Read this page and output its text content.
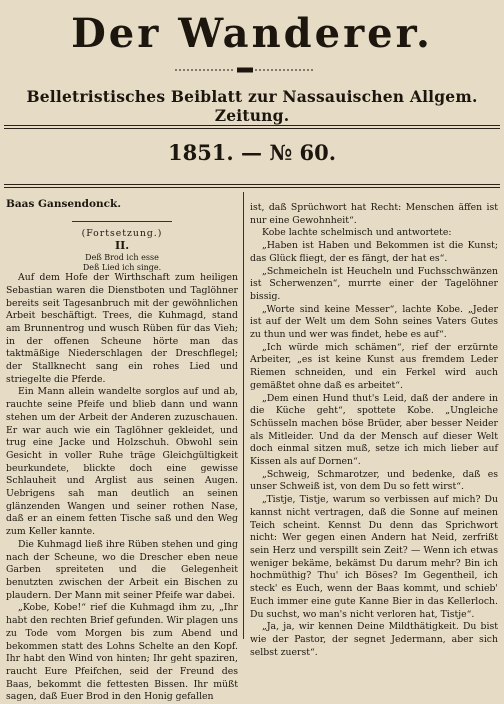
Der Wanderer.
Belletristisches Beiblatt zur Nassauischen Allgem. Zeitung.
1851. — № 60.
Baas Gansendonck.

(Fortsetzung.)

II.

Deß Brod ich esse

Deß Lied ich singe.

Auf dem Hofe der Wirthschaft zum heiligen Sebastian waren die Dienstboten und Taglöhner bereits seit Tagesanbruch mit der gewöhnlichen Arbeit beschäftigt. Trees, die Kuhmagd, stand am Brunnentrog und wusch Rüben für das Vieh; in der offenen Scheune hörte man das taktmäßige Niederschlagen der Dreschflegel; der Stallknecht sang ein rohes Lied und striegelte die Pferde.

Ein Mann allein wandelte sorglos auf und ab, rauchte seine Pfeife und blieb dann und wann stehen um der Arbeit der Anderen zuzuschauen. Er war auch wie ein Taglöhner gekleidet, und trug eine Jacke und Holzschuh. Obwohl sein Gesicht in voller Ruhe träge Gleichgültigkeit beurkundete, blickte doch eine gewisse Schlauheit und Arglist aus seinen Augen. Uebrigens sah man deutlich an seinen glänzenden Wangen und seiner rothen Nase, daß er an einem fetten Tische saß und den Weg zum Keller kannte.

Die Kuhmagd ließ ihre Rüben stehen und ging nach der Scheune, wo die Drescher eben neue Garben spreiteten und die Gelegenheit benutzten zwischen der Arbeit ein Bischen zu plaudern. Der Mann mit seiner Pfeife war dabei.

„Kobe, Kobe!“ rief die Kuhmagd ihm zu, „Ihr habt den rechten Brief gefunden. Wir plagen uns zu Tode vom Morgen bis zum Abend und bekommen statt des Lohns Schelte an den Kopf. Ihr habt den Wind von hinten; Ihr geht spaziren, raucht Eure Pfeifchen, seid der Freund des Baas, bekommt die fettesten Bissen. Ihr müßt sagen, daß Euer Brod in den Honig gefallen

ist, daß Sprüchwort hat Recht: Menschen äffen ist nur eine Gewohnheit“.

Kobe lachte schelmisch und antwortete:

„Haben ist Haben und Bekommen ist die Kunst; das Glück fliegt, der es fängt, der hat es“.

„Schmeicheln ist Heucheln und Fuchsschwänzen ist Scherwenzen“, murrte einer der Tagelöhner bissig.

„Worte sind keine Messer“, lachte Kobe. „Jeder ist auf der Welt um dem Sohn seines Vaters Gutes zu thun und wer was findet, hebe es auf“.

„Ich würde mich schämen“, rief der erzürnte Arbeiter, „es ist keine Kunst aus fremdem Leder Riemen schneiden, und ein Ferkel wird auch gemäßtet ohne daß es arbeitet“.

„Dem einen Hund thut's Leid, daß der andere in die Küche geht“, spottete Kobe. „Ungleiche Schüsseln machen böse Brüder, aber besser Neider als Mitleider. Und da der Mensch auf dieser Welt doch einmal sitzen muß, setze ich mich lieber auf Kissen als auf Dornen“.

„Schweig, Schmarotzer, und bedenke, daß es unser Schweiß ist, von dem Du so fett wirst“.

„Tistje, Tistje, warum so verbissen auf mich? Du kannst nicht vertragen, daß die Sonne auf meinen Teich scheint. Kennst Du denn das Sprichwort nicht: Wer gegen einen Andern hat Neid, zerfrißt sein Herz und verspillt sein Zeit? — Wenn ich etwas weniger bekäme, bekämst Du darum mehr? Bin ich hochmüthig? Thu' ich Böses? Im Gegentheil, ich steck' es Euch, wenn der Baas kommt, und schieb' Euch immer eine gute Kanne Bier in das Kellerloch. Du suchst, wo man's nicht verloren hat, Tistje“.

„Ja, ja, wir kennen Deine Mildthätigkeit. Du bist wie der Pastor, der segnet Jedermann, aber sich selbst zuerst“.
